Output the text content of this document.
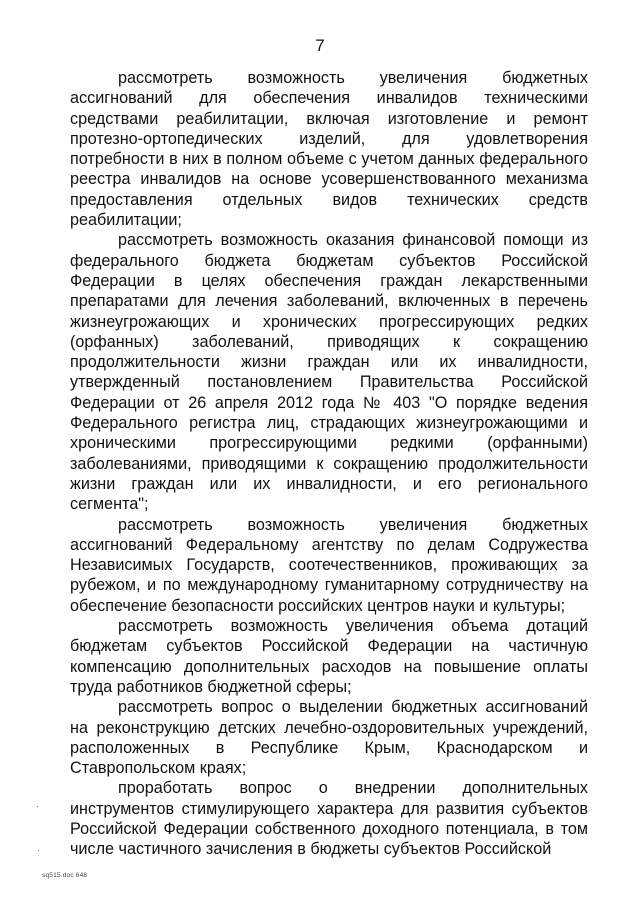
7

рассмотреть возможность увеличения бюджетных ассигнований для обеспечения инвалидов техническими средствами реабилитации, включая изготовление и ремонт протезно-ортопедических изделий, для удовлетворения потребности в них в полном объеме с учетом данных федерального реестра инвалидов на основе усовершенствованного механизма предоставления отдельных видов технических средств реабилитации;

рассмотреть возможность оказания финансовой помощи из федерального бюджета бюджетам субъектов Российской Федерации в целях обеспечения граждан лекарственными препаратами для лечения заболеваний, включенных в перечень жизнеугрожающих и хронических прогрессирующих редких (орфанных) заболеваний, приводящих к сокращению продолжительности жизни граждан или их инвалидности, утвержденный постановлением Правительства Российской Федерации от 26 апреля 2012 года № 403 "О порядке ведения Федерального регистра лиц, страдающих жизнеугрожающими и хроническими прогрессирующими редкими (орфанными) заболеваниями, приводящими к сокращению продолжительности жизни граждан или их инвалидности, и его регионального сегмента";

рассмотреть возможность увеличения бюджетных ассигнований Федеральному агентству по делам Содружества Независимых Государств, соотечественников, проживающих за рубежом, и по международному гуманитарному сотрудничеству на обеспечение безопасности российских центров науки и культуры;

рассмотреть возможность увеличения объема дотаций бюджетам субъектов Российской Федерации на частичную компенсацию дополнительных расходов на повышение оплаты труда работников бюджетной сферы;

рассмотреть вопрос о выделении бюджетных ассигнований на реконструкцию детских лечебно-оздоровительных учреждений, расположенных в Республике Крым, Краснодарском и Ставропольском краях;

проработать вопрос о внедрении дополнительных инструментов стимулирующего характера для развития субъектов Российской Федерации собственного доходного потенциала, в том числе частичного зачисления в бюджеты субъектов Российской

sq515.doc 648
